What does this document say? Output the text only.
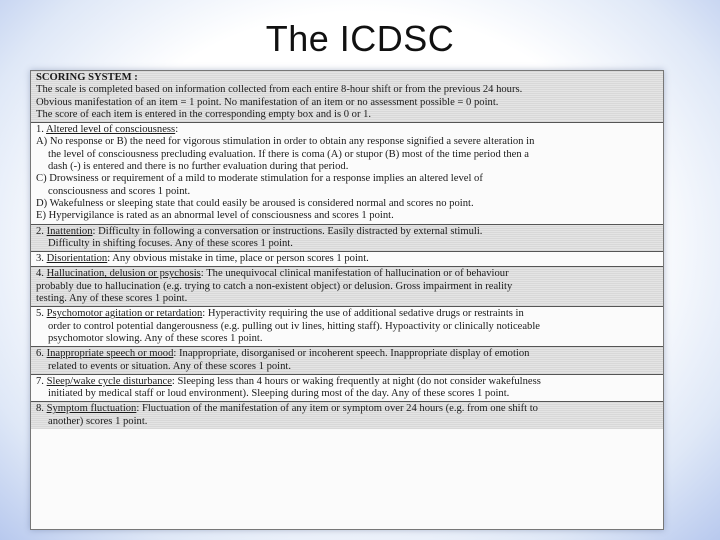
The ICDSC
SCORING SYSTEM :
The scale is completed based on information collected from each entire 8-hour shift or from the previous 24 hours.
Obvious manifestation of an item = 1 point. No manifestation of an item or no assessment possible = 0 point.
The score of each item is entered in the corresponding empty box and is 0 or 1.
1. Altered level of consciousness:
A) No response or B) the need for vigorous stimulation in order to obtain any response signified a severe alteration in
the level of consciousness precluding evaluation. If there is coma (A) or stupor (B) most of the time period then a
dash (-) is entered and there is no further evaluation during that period.
C) Drowsiness or requirement of a mild to moderate stimulation for a response implies an altered level of
consciousness and scores 1 point.
D) Wakefulness or sleeping state that could easily be aroused is considered normal and scores no point.
E) Hypervigilance is rated as an abnormal level of consciousness and scores 1 point.
2. Inattention: Difficulty in following a conversation or instructions. Easily distracted by external stimuli.
Difficulty in shifting focuses. Any of these scores 1 point.
3. Disorientation: Any obvious mistake in time, place or person scores 1 point.
4. Hallucination, delusion or psychosis: The unequivocal clinical manifestation of hallucination or of behaviour
probably due to hallucination (e.g. trying to catch a non-existent object) or delusion. Gross impairment in reality
testing. Any of these scores 1 point.
5. Psychomotor agitation or retardation: Hyperactivity requiring the use of additional sedative drugs or restraints in
order to control potential dangerousness (e.g. pulling out iv lines, hitting staff). Hypoactivity or clinically noticeable
psychomotor slowing. Any of these scores 1 point.
6. Inappropriate speech or mood: Inappropriate, disorganised or incoherent speech. Inappropriate display of emotion
related to events or situation. Any of these scores 1 point.
7. Sleep/wake cycle disturbance: Sleeping less than 4 hours or waking frequently at night (do not consider wakefulness
initiated by medical staff or loud environment). Sleeping during most of the day. Any of these scores 1 point.
8. Symptom fluctuation: Fluctuation of the manifestation of any item or symptom over 24 hours (e.g. from one shift to
another) scores 1 point.
